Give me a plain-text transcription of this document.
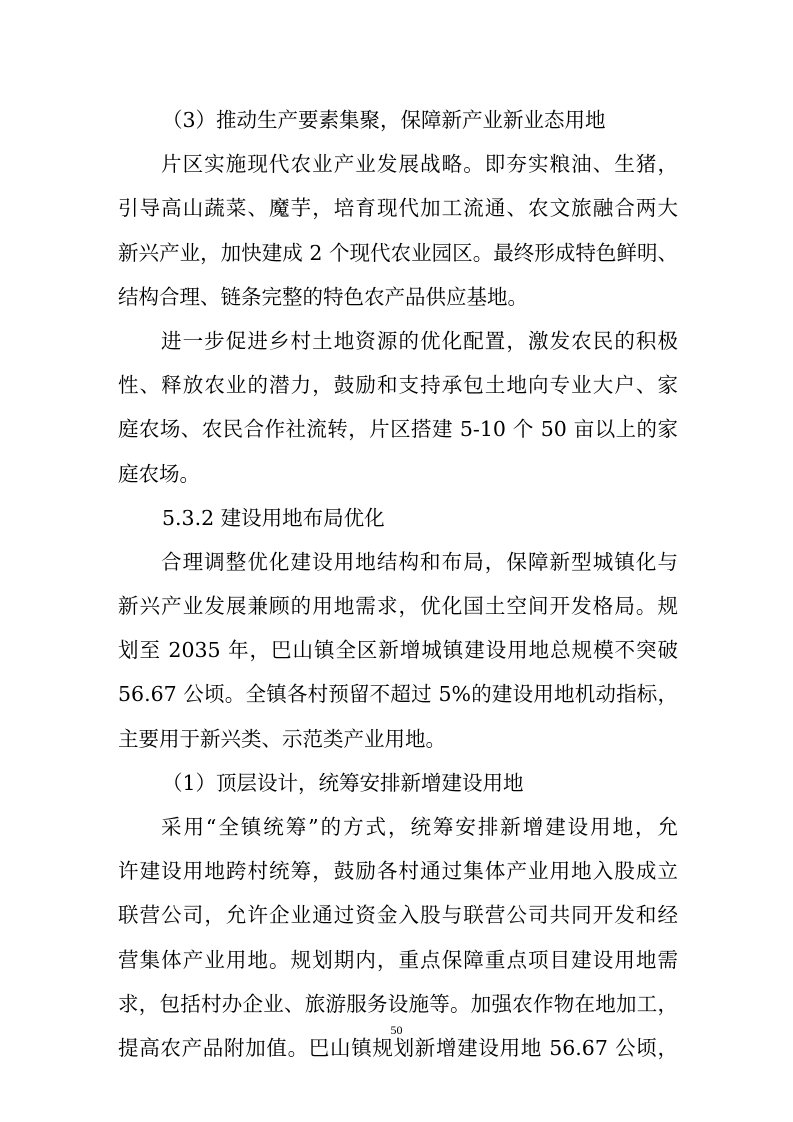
（3）推动生产要素集聚，保障新产业新业态用地
片区实施现代农业产业发展战略。即夯实粮油、生猪，
引导高山蔬菜、魔芋，培育现代加工流通、农文旅融合两大
新兴产业，加快建成 2 个现代农业园区。最终形成特色鲜明、
结构合理、链条完整的特色农产品供应基地。
进一步促进乡村土地资源的优化配置，激发农民的积极
性、释放农业的潜力，鼓励和支持承包土地向专业大户、家
庭农场、农民合作社流转，片区搭建 5-10 个 50 亩以上的家
庭农场。
5.3.2 建设用地布局优化
合理调整优化建设用地结构和布局，保障新型城镇化与
新兴产业发展兼顾的用地需求，优化国土空间开发格局。规
划至 2035 年，巴山镇全区新增城镇建设用地总规模不突破
56.67 公顷。全镇各村预留不超过 5%的建设用地机动指标，
主要用于新兴类、示范类产业用地。
（1）顶层设计，统筹安排新增建设用地
采用“全镇统筹”的方式，统筹安排新增建设用地，允
许建设用地跨村统筹，鼓励各村通过集体产业用地入股成立
联营公司，允许企业通过资金入股与联营公司共同开发和经
营集体产业用地。规划期内，重点保障重点项目建设用地需
求，包括村办企业、旅游服务设施等。加强农作物在地加工，
提高农产品附加值。巴山镇规划新增建设用地 56.67 公顷，
50
